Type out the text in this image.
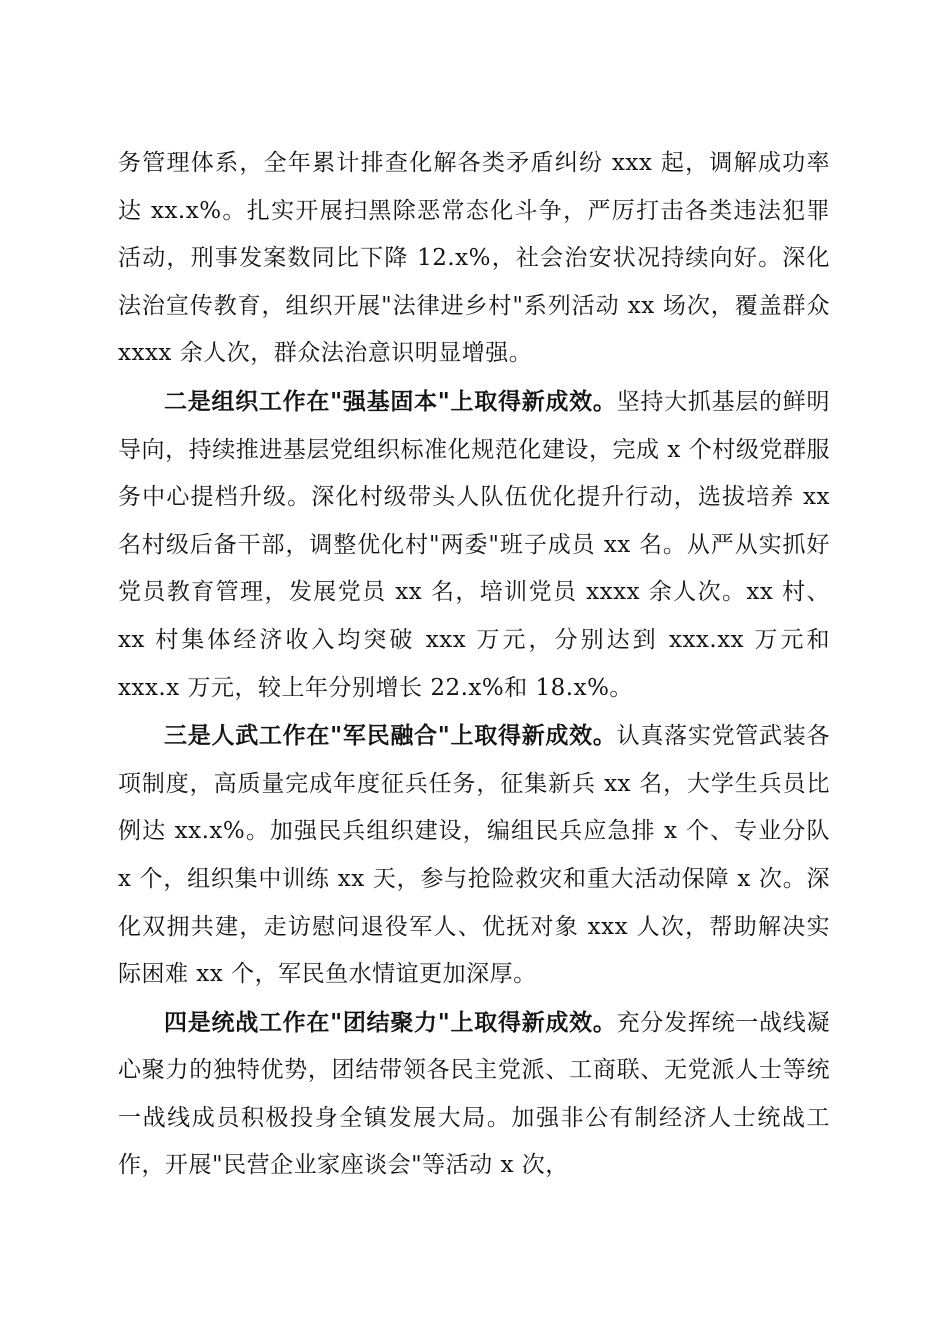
务管理体系，全年累计排查化解各类矛盾纠纷 xxx 起，调解成功率达 xx.x%。扎实开展扫黑除恶常态化斗争，严厉打击各类违法犯罪活动，刑事发案数同比下降 12.x%，社会治安状况持续向好。深化法治宣传教育，组织开展"法律进乡村"系列活动 xx 场次，覆盖群众 xxxx 余人次，群众法治意识明显增强。

二是组织工作在"强基固本"上取得新成效。坚持大抓基层的鲜明导向，持续推进基层党组织标准化规范化建设，完成 x 个村级党群服务中心提档升级。深化村级带头人队伍优化提升行动，选拔培养 xx 名村级后备干部，调整优化村"两委"班子成员 xx 名。从严从实抓好党员教育管理，发展党员 xx 名，培训党员 xxxx 余人次。xx 村、xx 村集体经济收入均突破 xxx 万元，分别达到 xxx.xx 万元和 xxx.x 万元，较上年分别增长 22.x%和 18.x%。

三是人武工作在"军民融合"上取得新成效。认真落实党管武装各项制度，高质量完成年度征兵任务，征集新兵 xx 名，大学生兵员比例达 xx.x%。加强民兵组织建设，编组民兵应急排 x 个、专业分队 x 个，组织集中训练 xx 天，参与抢险救灾和重大活动保障 x 次。深化双拥共建，走访慰问退役军人、优抚对象 xxx 人次，帮助解决实际困难 xx 个，军民鱼水情谊更加深厚。

四是统战工作在"团结聚力"上取得新成效。充分发挥统一战线凝心聚力的独特优势，团结带领各民主党派、工商联、无党派人士等统一战线成员积极投身全镇发展大局。加强非公有制经济人士统战工作，开展"民营企业家座谈会"等活动 x 次，
